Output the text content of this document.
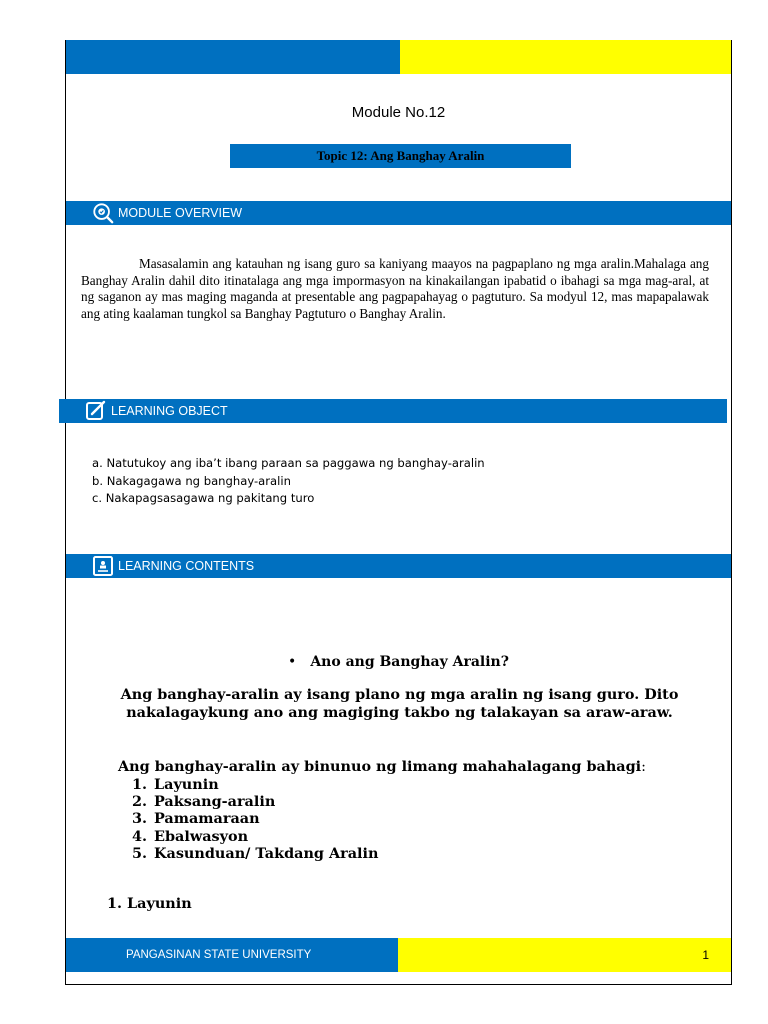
Module No.12
Topic 12: Ang Banghay Aralin
MODULE OVERVIEW
Masasalamin ang katauhan ng isang guro sa kaniyang maayos na pagpaplano ng mga aralin.Mahalaga ang Banghay Aralin dahil dito itinatalaga ang mga impormasyon na kinakailangan ipabatid o ibahagi sa mga mag-aral, at ng saganon ay mas maging maganda at presentable ang pagpapahayag o pagtuturo. Sa modyul 12, mas mapapalawak ang ating kaalaman tungkol sa Banghay Pagtuturo o Banghay Aralin.
LEARNING OBJECT
a. Natutukoy ang iba’t ibang paraan sa paggawa ng banghay-aralin
b. Nakagagawa ng banghay-aralin
c. Nakapagsasagawa ng pakitang turo
LEARNING CONTENTS
• Ano ang Banghay Aralin?
Ang banghay-aralin ay isang plano ng mga aralin ng isang guro. Dito
nakalagaykung ano ang magiging takbo ng talakayan sa araw-araw.
Ang banghay-aralin ay binunuo ng limang mahahalagang bahagi:
1. Layunin
2. Paksang-aralin
3. Pamamaraan
4. Ebalwasyon
5. Kasunduan/ Takdang Aralin
1. Layunin
PANGASINAN STATE UNIVERSITY	1
